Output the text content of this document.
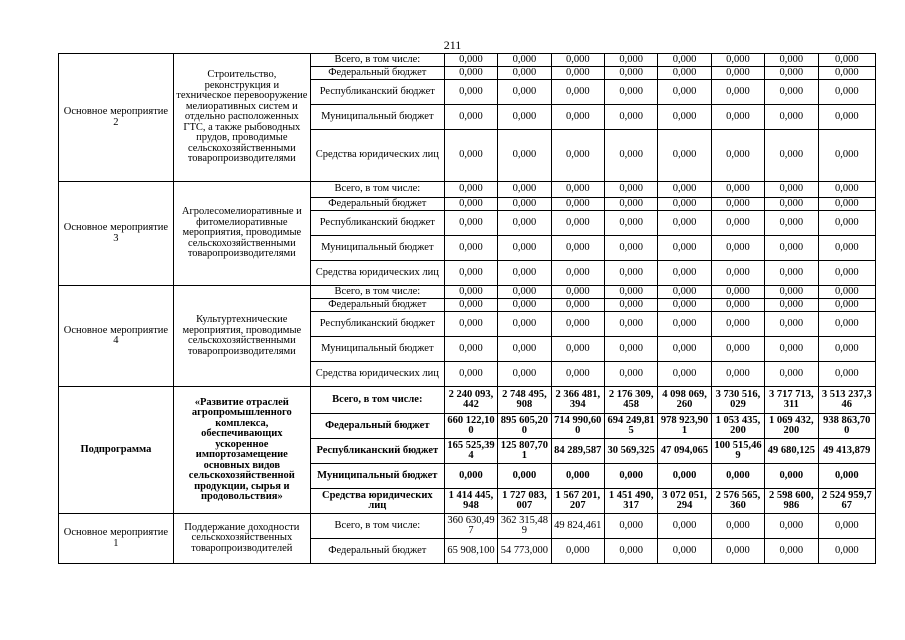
211
Основное мероприятие 2	Строительство, реконструкция и техническое перевооружение мелиоративных систем и отдельно расположенных ГТС, а также рыбоводных прудов, проводимые сельскохозяйственными товаропроизводителями	Всего, в том числе:	0,000	0,000	0,000	0,000	0,000	0,000	0,000	0,000
		Федеральный бюджет	0,000	0,000	0,000	0,000	0,000	0,000	0,000	0,000
		Республиканский бюджет	0,000	0,000	0,000	0,000	0,000	0,000	0,000	0,000
		Муниципальный бюджет	0,000	0,000	0,000	0,000	0,000	0,000	0,000	0,000
		Средства юридических лиц	0,000	0,000	0,000	0,000	0,000	0,000	0,000	0,000
Основное мероприятие 3	Агролесомелиоративные и фитомелиоративные мероприятия, проводимые сельскохозяйственными товаропроизводителями	Всего, в том числе:	0,000	0,000	0,000	0,000	0,000	0,000	0,000	0,000
		Федеральный бюджет	0,000	0,000	0,000	0,000	0,000	0,000	0,000	0,000
		Республиканский бюджет	0,000	0,000	0,000	0,000	0,000	0,000	0,000	0,000
		Муниципальный бюджет	0,000	0,000	0,000	0,000	0,000	0,000	0,000	0,000
		Средства юридических лиц	0,000	0,000	0,000	0,000	0,000	0,000	0,000	0,000
Основное мероприятие 4	Культуртехнические мероприятия, проводимые сельскохозяйственными товаропроизводителями	Всего, в том числе:	0,000	0,000	0,000	0,000	0,000	0,000	0,000	0,000
		Федеральный бюджет	0,000	0,000	0,000	0,000	0,000	0,000	0,000	0,000
		Республиканский бюджет	0,000	0,000	0,000	0,000	0,000	0,000	0,000	0,000
		Муниципальный бюджет	0,000	0,000	0,000	0,000	0,000	0,000	0,000	0,000
		Средства юридических лиц	0,000	0,000	0,000	0,000	0,000	0,000	0,000	0,000
Подпрограмма	«Развитие отраслей агропромышленного комплекса, обеспечивающих ускоренное импортозамещение основных видов сельскохозяйственной продукции, сырья и продовольствия»	Всего, в том числе:	2 240 093,442	2 748 495,908	2 366 481,394	2 176 309,458	4 098 069,260	3 730 516,029	3 717 713,311	3 513 237,346
		Федеральный бюджет	660 122,100	895 605,200	714 990,600	694 249,815	978 923,901	1 053 435,200	1 069 432,200	938 863,700
		Республиканский бюджет	165 525,394	125 807,701	84 289,587	30 569,325	47 094,065	100 515,469	49 680,125	49 413,879
		Муниципальный бюджет	0,000	0,000	0,000	0,000	0,000	0,000	0,000	0,000
		Средства юридических лиц	1 414 445,948	1 727 083,007	1 567 201,207	1 451 490,317	3 072 051,294	2 576 565,360	2 598 600,986	2 524 959,767
Основное мероприятие 1	Поддержание доходности сельскохозяйственных товаропроизводителей	Всего, в том числе:	360 630,497	362 315,489	49 824,461	0,000	0,000	0,000	0,000	0,000
		Федеральный бюджет	65 908,100	54 773,000	0,000	0,000	0,000	0,000	0,000	0,000
